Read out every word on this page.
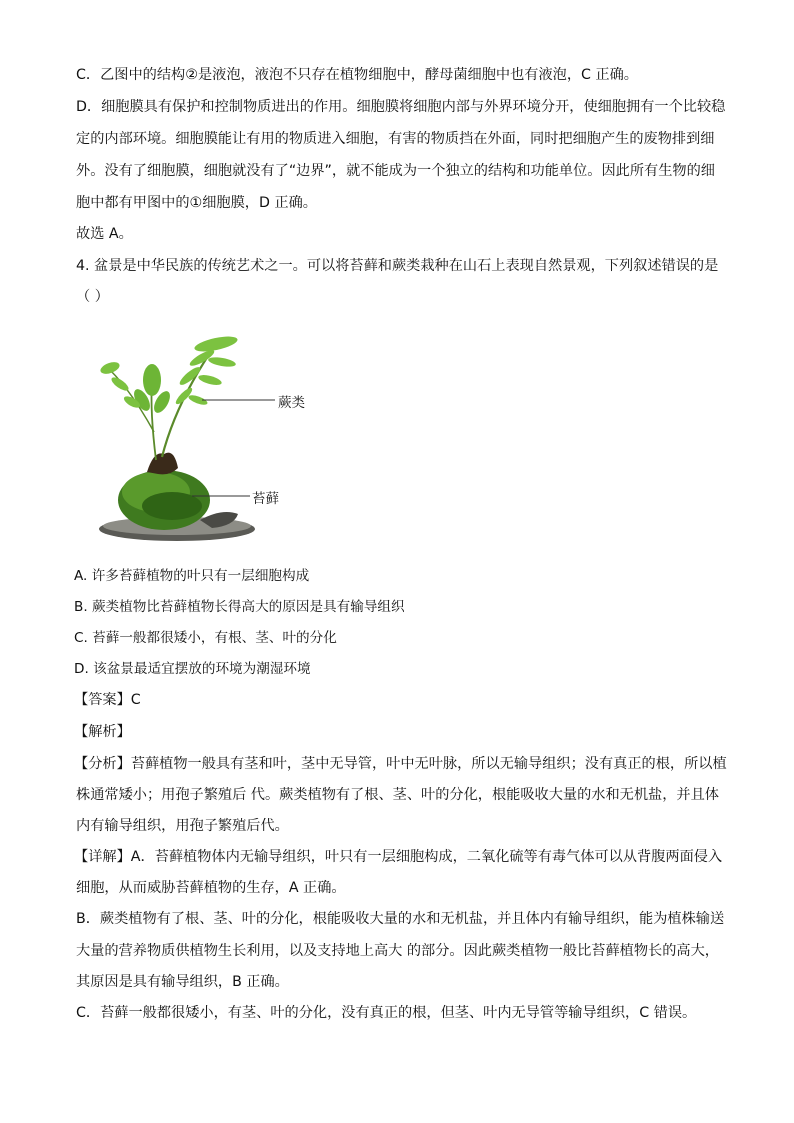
C．乙图中的结构②是液泡，液泡不只存在植物细胞中，酵母菌细胞中也有液泡，C 正确。
D．细胞膜具有保护和控制物质进出的作用。细胞膜将细胞内部与外界环境分开，使细胞拥有一个比较稳
定的内部环境。细胞膜能让有用的物质进入细胞，有害的物质挡在外面，同时把细胞产生的废物排到细
外。没有了细胞膜，细胞就没有了“边界”，就不能成为一个独立的结构和功能单位。因此所有生物的细
胞中都有甲图中的①细胞膜，D 正确。
故选 A。
4. 盆景是中华民族的传统艺术之一。可以将苔藓和蕨类栽种在山石上表现自然景观，下列叙述错误的是
（ ）
蕨类
苔藓
A. 许多苔藓植物的叶只有一层细胞构成
B. 蕨类植物比苔藓植物长得高大的原因是具有输导组织
C. 苔藓一般都很矮小，有根、茎、叶的分化
D. 该盆景最适宜摆放的环境为潮湿环境
【答案】C
【解析】
【分析】苔藓植物一般具有茎和叶，茎中无导管，叶中无叶脉，所以无输导组织；没有真正的根，所以植
株通常矮小；用孢子繁殖后 代。蕨类植物有了根、茎、叶的分化，根能吸收大量的水和无机盐，并且体
内有输导组织，用孢子繁殖后代。
【详解】A．苔藓植物体内无输导组织，叶只有一层细胞构成，二氧化硫等有毒气体可以从背腹两面侵入
细胞，从而威胁苔藓植物的生存，A 正确。
B．蕨类植物有了根、茎、叶的分化，根能吸收大量的水和无机盐，并且体内有输导组织，能为植株输送
大量的营养物质供植物生长利用，以及支持地上高大 的部分。因此蕨类植物一般比苔藓植物长的高大，
其原因是具有输导组织，B 正确。
C．苔藓一般都很矮小，有茎、叶的分化，没有真正的根，但茎、叶内无导管等输导组织，C 错误。
